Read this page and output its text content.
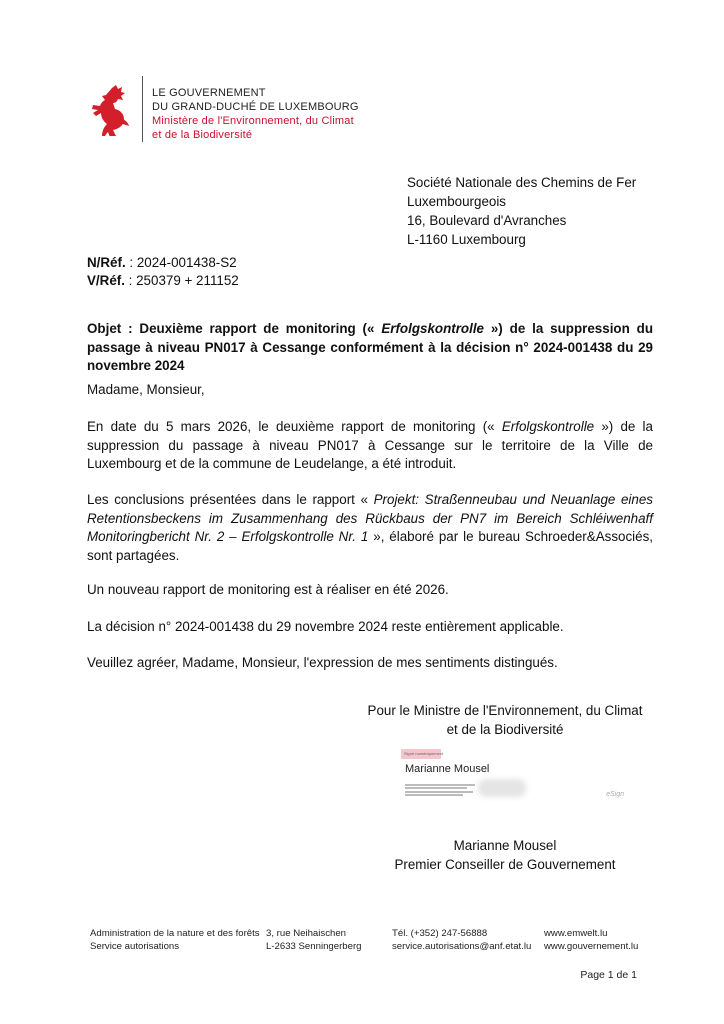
LE GOUVERNEMENT
DU GRAND-DUCHÉ DE LUXEMBOURG
Ministère de l'Environnement, du Climat
et de la Biodiversité
Société Nationale des Chemins de Fer
Luxembourgeois
16, Boulevard d'Avranches
L-1160 Luxembourg
N/Réf. : 2024-001438-S2
V/Réf. : 250379 + 211152
Objet : Deuxième rapport de monitoring (« Erfolgskontrolle ») de la suppression du passage à niveau PN017 à Cessange conformément à la décision n° 2024-001438 du 29 novembre 2024
Madame, Monsieur,
En date du 5 mars 2026, le deuxième rapport de monitoring (« Erfolgskontrolle ») de la suppression du passage à niveau PN017 à Cessange sur le territoire de la Ville de Luxembourg et de la commune de Leudelange, a été introduit.
Les conclusions présentées dans le rapport « Projekt: Straßenneubau und Neuanlage eines Retentionsbeckens im Zusammenhang des Rückbaus der PN7 im Bereich Schléiwenhaff Monitoringbericht Nr. 2 – Erfolgskontrolle Nr. 1 », élaboré par le bureau Schroeder&Associés, sont partagées.
Un nouveau rapport de monitoring est à réaliser en été 2026.
La décision n° 2024-001438 du 29 novembre 2024 reste entièrement applicable.
Veuillez agréer, Madame, Monsieur, l'expression de mes sentiments distingués.
Pour le Ministre de l'Environnement, du Climat
et de la Biodiversité
Signé numériquement
Marianne Mousel
eSign
Marianne Mousel
Premier Conseiller de Gouvernement
Administration de la nature et des forêts
Service autorisations
3, rue Neihaischen
L-2633 Senningerberg
Tél. (+352) 247-56888
service.autorisations@anf.etat.lu
www.emwelt.lu
www.gouvernement.lu
Page 1 de 1
